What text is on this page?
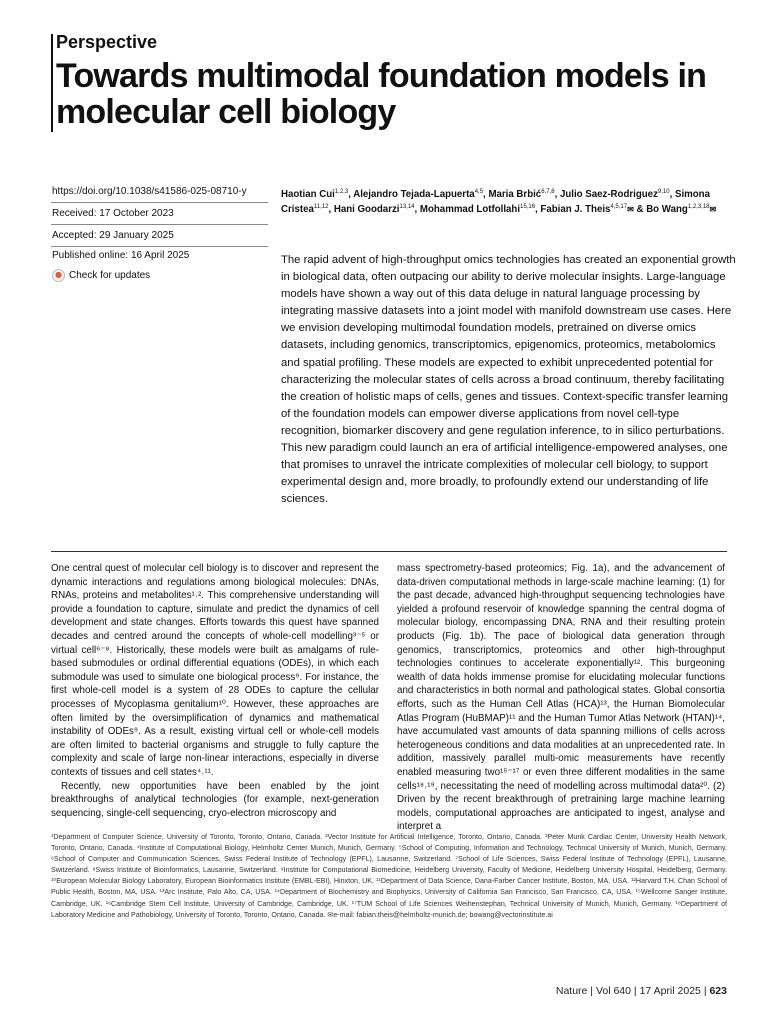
Perspective
Towards multimodal foundation models in molecular cell biology
https://doi.org/10.1038/s41586-025-08710-y
Received: 17 October 2023
Accepted: 29 January 2025
Published online: 16 April 2025
Check for updates
Haotian Cui$^{1,2,3}$, Alejandro Tejada-Lapuerta$^{4,5}$, Maria Brbić$^{6,7,8}$, Julio Saez-Rodriguez$^{9,10}$, Simona Cristea$^{11,12}$, Hani Goodarzi$^{13,14}$, Mohammad Lotfollahi$^{15,16}$, Fabian J. Theis$^{4,5,17}$✉ & Bo Wang$^{1,2,3,18}$✉
The rapid advent of high-throughput omics technologies has created an exponential growth in biological data, often outpacing our ability to derive molecular insights. Large-language models have shown a way out of this data deluge in natural language processing by integrating massive datasets into a joint model with manifold downstream use cases. Here we envision developing multimodal foundation models, pretrained on diverse omics datasets, including genomics, transcriptomics, epigenomics, proteomics, metabolomics and spatial profiling. These models are expected to exhibit unprecedented potential for characterizing the molecular states of cells across a broad continuum, thereby facilitating the creation of holistic maps of cells, genes and tissues. Context-specific transfer learning of the foundation models can empower diverse applications from novel cell-type recognition, biomarker discovery and gene regulation inference, to in silico perturbations. This new paradigm could launch an era of artificial intelligence-empowered analyses, one that promises to unravel the intricate complexities of molecular cell biology, to support experimental design and, more broadly, to profoundly extend our understanding of life sciences.

One central quest of molecular cell biology is to discover and represent the dynamic interactions and regulations among biological molecules: DNAs, RNAs, proteins and metabolites¹˒². This comprehensive understanding will provide a foundation to capture, simulate and predict the dynamics of cell development and state changes. Efforts towards this quest have spanned decades and centred around the concepts of whole-cell modelling³⁻⁵ or virtual cell⁶⁻⁸. Historically, these models were built as amalgams of rule-based submodules or ordinal differential equations (ODEs), in which each submodule was used to simulate one biological process⁹. For instance, the first whole-cell model is a system of 28 ODEs to capture the cellular processes of Mycoplasma genitalium¹⁰. However, these approaches are often limited by the oversimplification of dynamics and mathematical instability of ODEs⁹. As a result, existing virtual cell or whole-cell models are often limited to bacterial organisms and struggle to fully capture the complexity and scale of large non-linear interactions, especially in diverse contexts of tissues and cell states⁴˒¹¹.

Recently, new opportunities have been enabled by the joint breakthroughs of analytical technologies (for example, next-generation sequencing, single-cell sequencing, cryo-electron microscopy and

mass spectrometry-based proteomics; Fig. 1a), and the advancement of data-driven computational methods in large-scale machine learning: (1) for the past decade, advanced high-throughput sequencing technologies have yielded a profound reservoir of knowledge spanning the central dogma of molecular biology, encompassing DNA, RNA and their resulting protein products (Fig. 1b). The pace of biological data generation through genomics, transcriptomics, proteomics and other high-throughput technologies continues to accelerate exponentially¹². This burgeoning wealth of data holds immense promise for elucidating molecular functions and characteristics in both normal and pathological states. Global consortia efforts, such as the Human Cell Atlas (HCA)¹³, the Human Biomolecular Atlas Program (HuBMAP)¹¹ and the Human Tumor Atlas Network (HTAN)¹⁴, have accumulated vast amounts of data spanning millions of cells across heterogeneous conditions and data modalities at an unprecedented rate. In addition, massively parallel multi-omic measurements have recently enabled measuring two¹⁵⁻¹⁷ or even three different modalities in the same cells¹⁸˒¹⁹, necessitating the need of modelling across multimodal data²⁰. (2) Driven by the recent breakthrough of pretraining large machine learning models, computational approaches are anticipated to ingest, analyse and interpret a

¹Department of Computer Science, University of Toronto, Toronto, Ontario, Canada. ²Vector Institute for Artificial Intelligence, Toronto, Ontario, Canada. ³Peter Munk Cardiac Center, University Health Network, Toronto, Ontario, Canada. ⁴Institute of Computational Biology, Helmholtz Center Munich, Munich, Germany. ⁵School of Computing, Information and Technology, Technical University of Munich, Munich, Germany. ⁶School of Computer and Communication Sciences, Swiss Federal Institute of Technology (EPFL), Lausanne, Switzerland. ⁷School of Life Sciences, Swiss Federal Institute of Technology (EPFL), Lausanne, Switzerland. ⁸Swiss Institute of Bioinformatics, Lausanne, Switzerland. ⁹Institute for Computational Biomedicine, Heidelberg University, Faculty of Medicine, Heidelberg University Hospital, Heidelberg, Germany. ¹⁰European Molecular Biology Laboratory, European Bioinformatics Institute (EMBL-EBI), Hinxton, UK. ¹¹Department of Data Science, Dana-Farber Cancer Institute, Boston, MA, USA. ¹²Harvard T.H. Chan School of Public Health, Boston, MA, USA. ¹³Arc Institute, Palo Alto, CA, USA. ¹⁴Department of Biochemistry and Biophysics, University of California San Francisco, San Francisco, CA, USA. ¹⁵Wellcome Sanger Institute, Cambridge, UK. ¹⁶Cambridge Stem Cell Institute, University of Cambridge, Cambridge, UK. ¹⁷TUM School of Life Sciences Weihenstephan, Technical University of Munich, Munich, Germany. ¹⁸Department of Laboratory Medicine and Pathobiology, University of Toronto, Toronto, Ontario, Canada. ✉e-mail: fabian.theis@helmholtz-munich.de; bowang@vectorinstitute.ai
Nature | Vol 640 | 17 April 2025 | 623
